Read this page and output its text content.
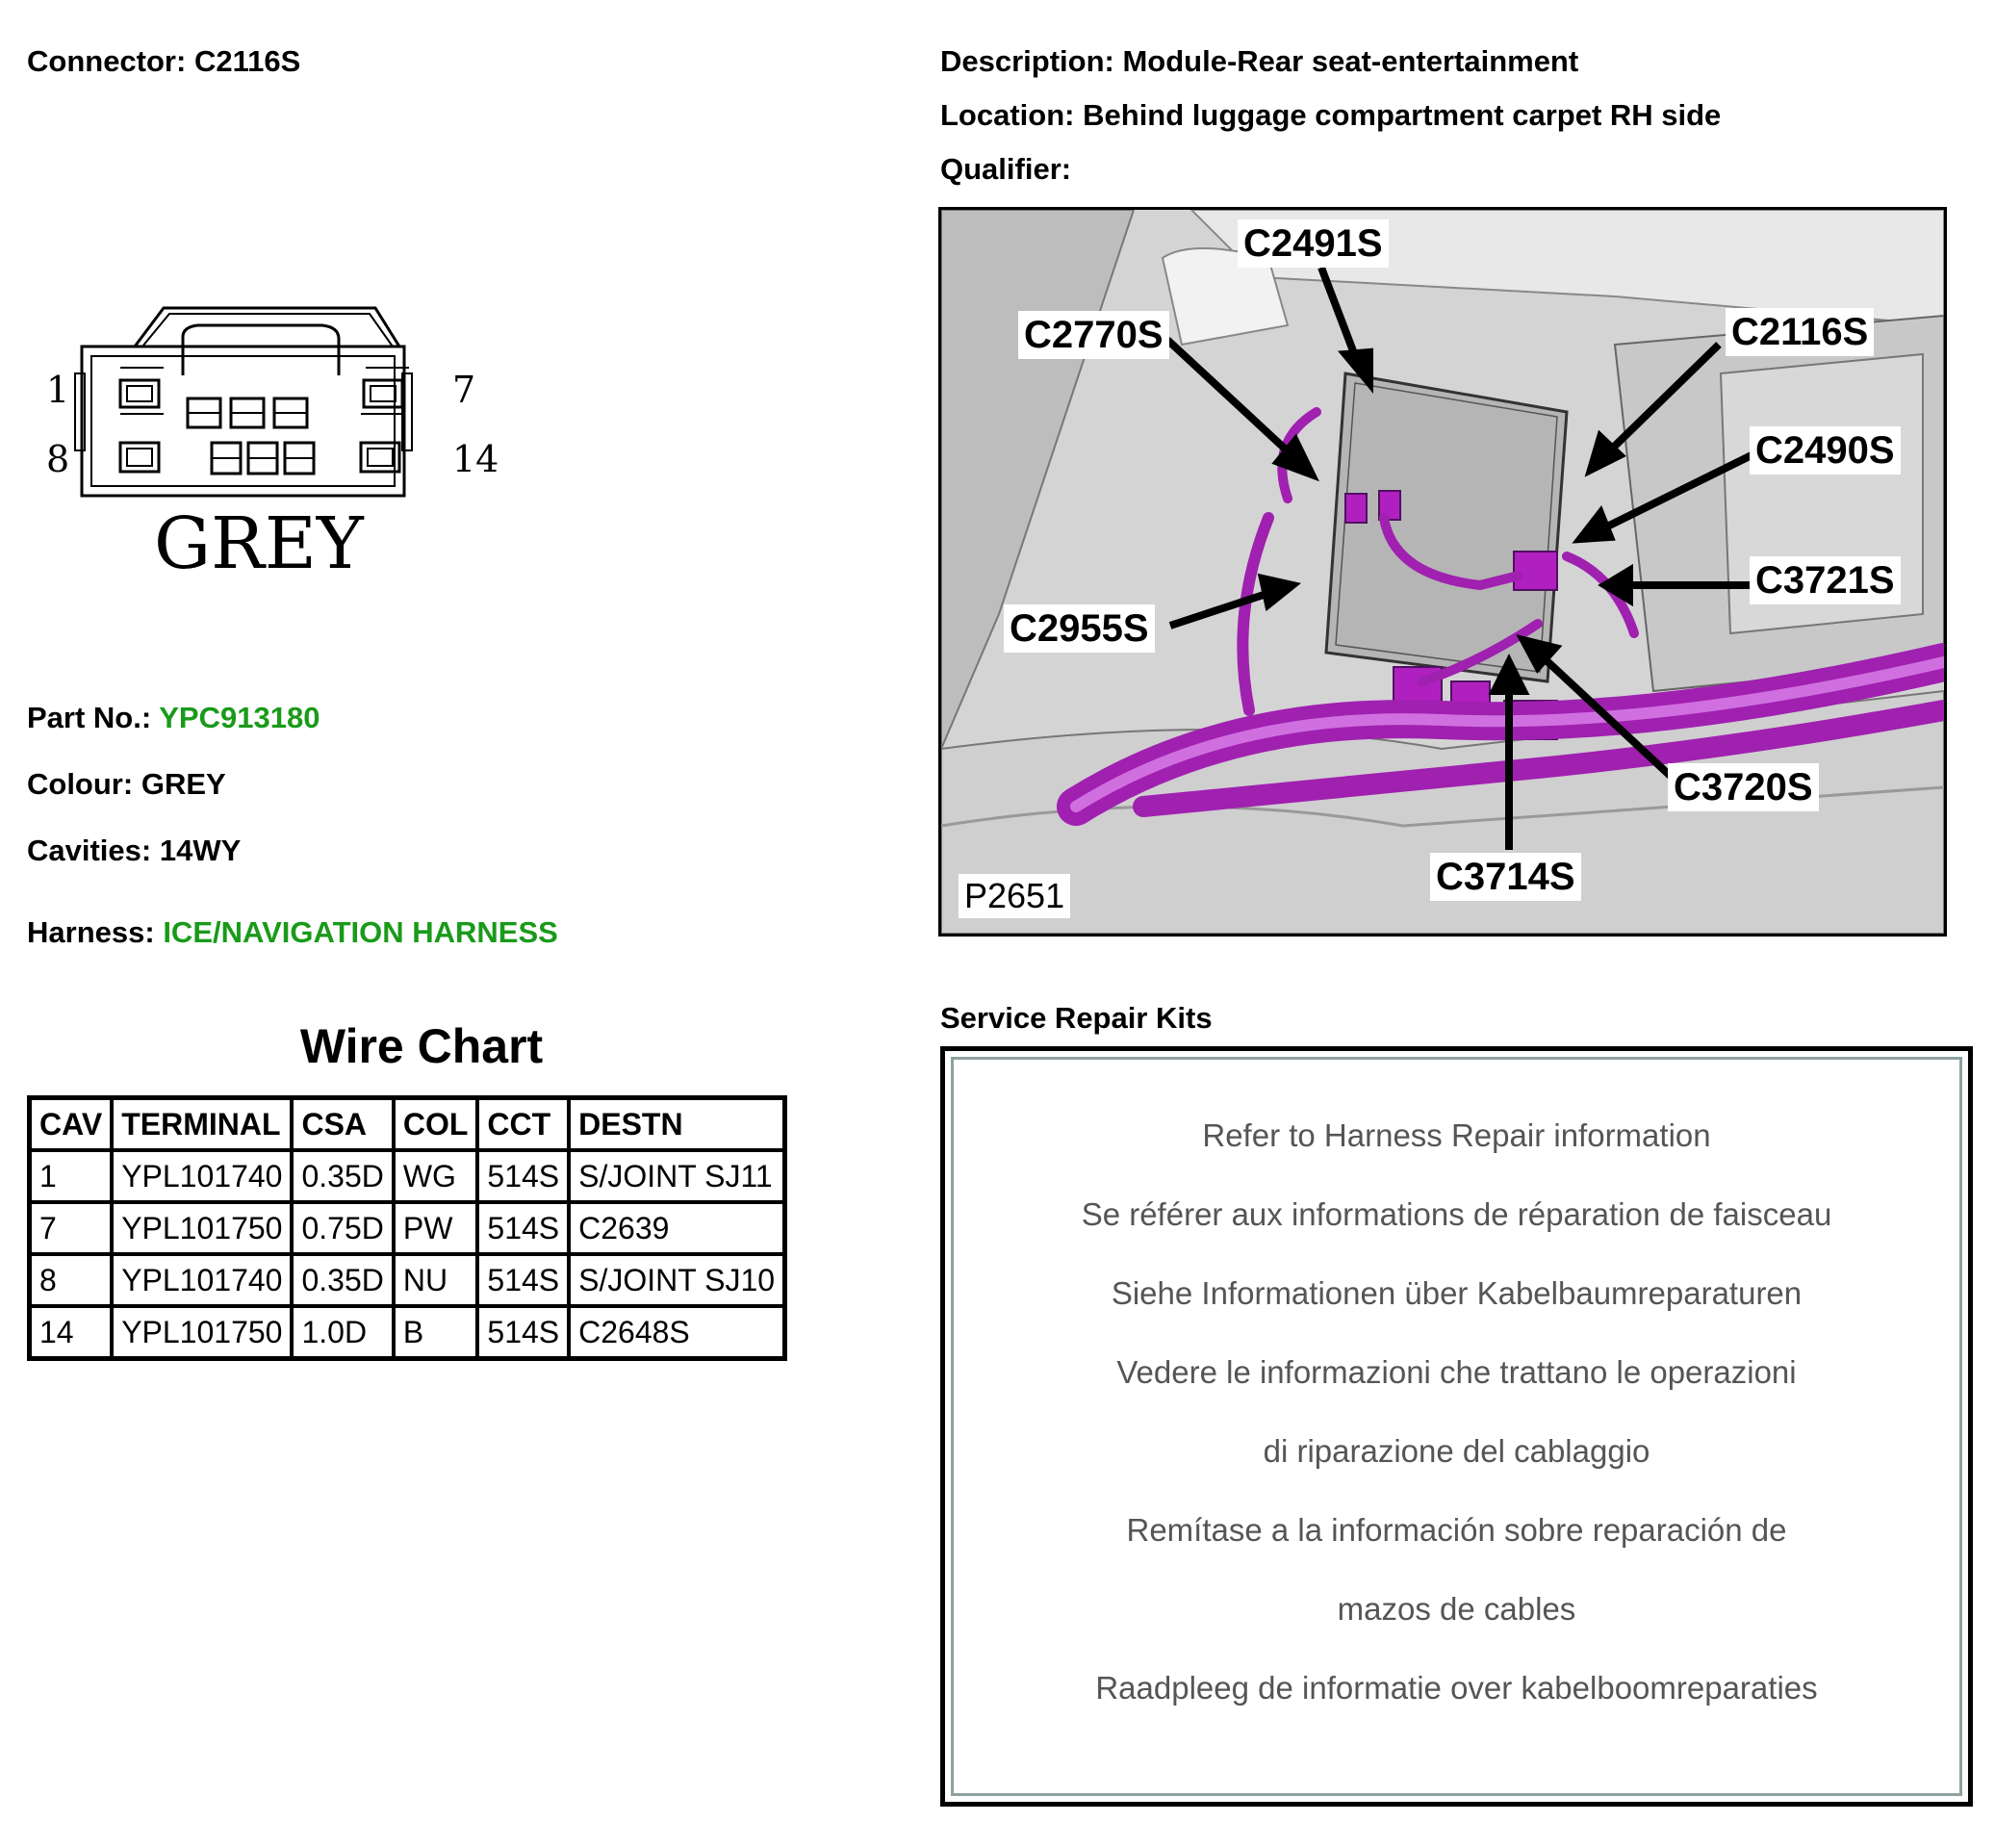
Connector: C2116S	Description: Module-Rear seat-entertainment
Location: Behind luggage compartment carpet RH side
Qualifier:
1
8
7
14
GREY
Part No.: YPC913180
Colour: GREY
Cavities: 14WY
Harness: ICE/NAVIGATION HARNESS
Wire Chart
CAV	TERMINAL	CSA	COL	CCT	DESTN
1	YPL101740	0.35D	WG	514S	S/JOINT SJ11
7	YPL101750	0.75D	PW	514S	C2639
8	YPL101740	0.35D	NU	514S	S/JOINT SJ10
14	YPL101750	1.0D	B	514S	C2648S
C2491S
C2770S	C2116S
C2490S
C3721S
C2955S
C3720S
C3714S
P2651
Service Repair Kits
Refer to Harness Repair information
Se référer aux informations de réparation de faisceau
Siehe Informationen über Kabelbaumreparaturen
Vedere le informazioni che trattano le operazioni
di riparazione del cablaggio
Remítase a la información sobre reparación de
mazos de cables
Raadpleeg de informatie over kabelboomreparaties
